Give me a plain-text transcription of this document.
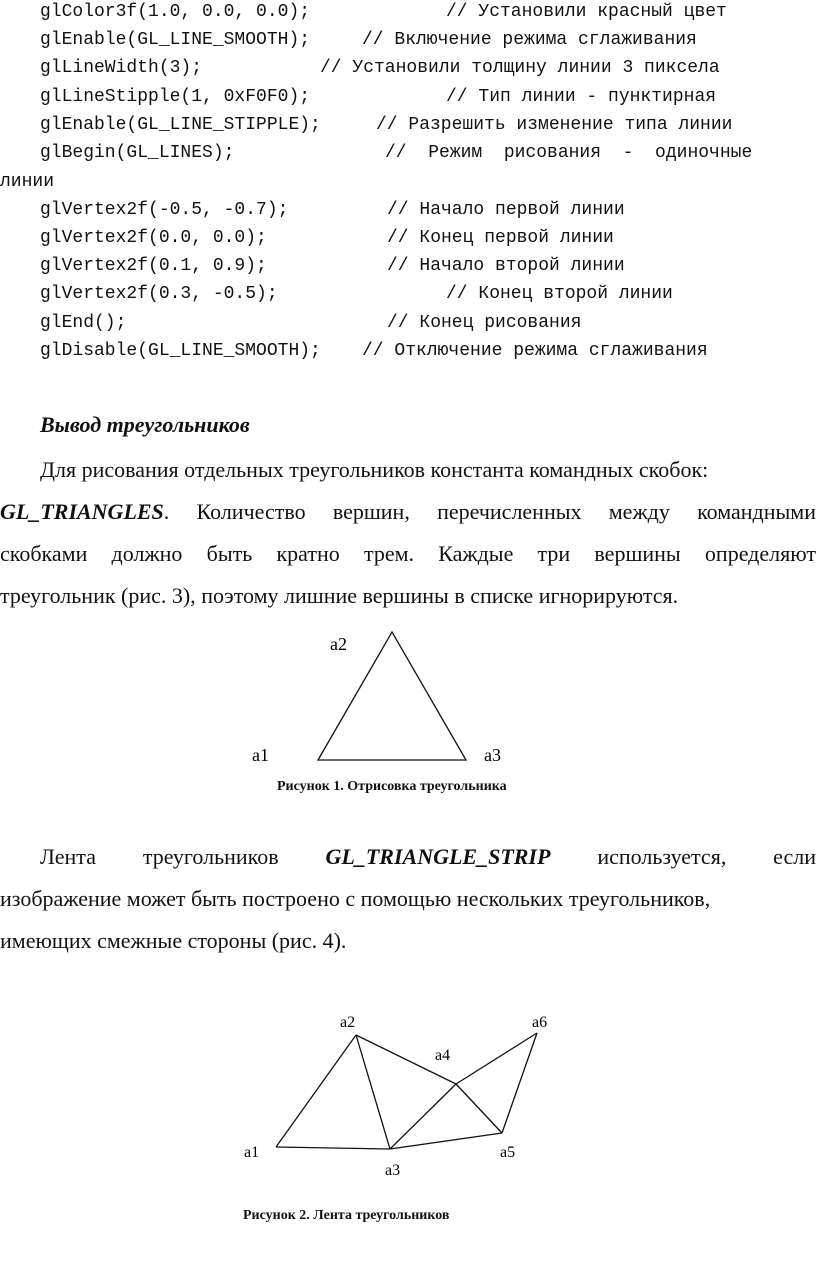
glColor3f(1.0, 0.0, 0.0);	// Установили красный цвет
glEnable(GL_LINE_SMOOTH);	// Включение режима сглаживания
glLineWidth(3);	// Установили толщину линии 3 пиксела
glLineStipple(1, 0xF0F0);	// Тип линии - пунктирная
glEnable(GL_LINE_STIPPLE);	// Разрешить изменение типа линии
glBegin(GL_LINES);	//  Режим  рисования  -  одиночные
линии
glVertex2f(-0.5, -0.7);	// Начало первой линии
glVertex2f(0.0, 0.0);	// Конец первой линии
glVertex2f(0.1, 0.9);	// Начало второй линии
glVertex2f(0.3, -0.5);	// Конец второй линии
glEnd();	// Конец рисования
glDisable(GL_LINE_SMOOTH); // Отключение режима сглаживания
Вывод треугольников
Для рисования отдельных треугольников константа командных скобок:
GL_TRIANGLES. Количество вершин, перечисленных между командными
скобками должно быть кратно трем. Каждые три вершины определяют
треугольник (рис. 3), поэтому лишние вершины в списке игнорируются.
a2
a1	a3
Рисунок 1. Отрисовка треугольника
Лента треугольников GL_TRIANGLE_STRIP используется, если
изображение может быть построено с помощью нескольких треугольников,
имеющих смежные стороны (рис. 4).
a2	a6
a4
a1	a5
a3
Рисунок 2. Лента треугольников
